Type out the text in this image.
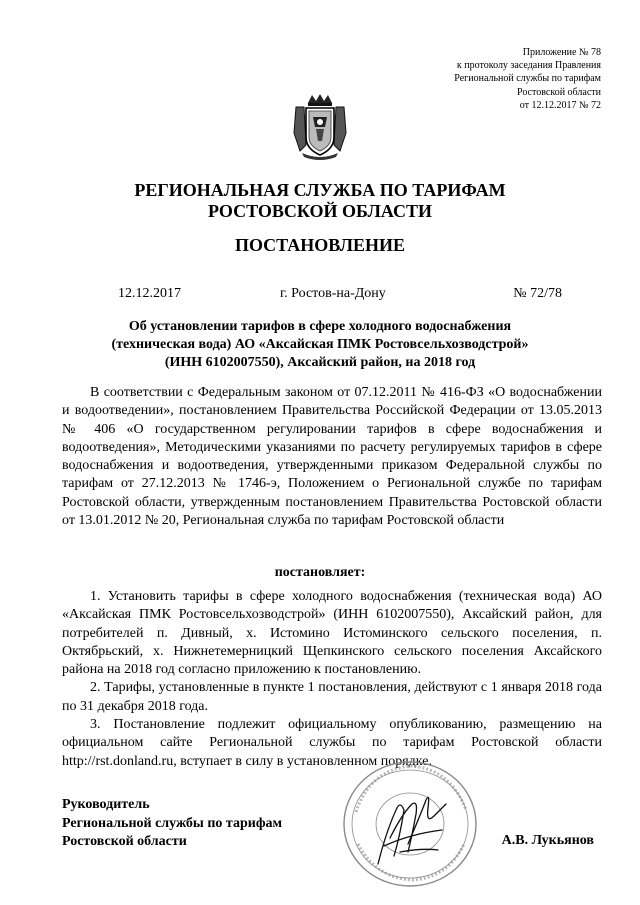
Приложение № 78
к протоколу заседания Правления
Региональной службы по тарифам
Ростовской области
от 12.12.2017 № 72
РЕГИОНАЛЬНАЯ СЛУЖБА ПО ТАРИФАМ
РОСТОВСКОЙ ОБЛАСТИ
ПОСТАНОВЛЕНИЕ
12.12.2017	г. Ростов-на-Дону	№ 72/78
Об установлении тарифов в сфере холодного водоснабжения
(техническая вода) АО «Аксайская ПМК Ростовсельхозводстрой»
(ИНН 6102007550), Аксайский район, на 2018 год
В соответствии с Федеральным законом от 07.12.2011 № 416-ФЗ «О водоснабжении и водоотведении», постановлением Правительства Российской Федерации от 13.05.2013 № 406 «О государственном регулировании тарифов в сфере водоснабжения и водоотведения», Методическими указаниями по расчету регулируемых тарифов в сфере водоснабжения и водоотведения, утвержденными приказом Федеральной службы по тарифам от 27.12.2013 № 1746-э, Положением о Региональной службе по тарифам Ростовской области, утвержденным постановлением Правительства Ростовской области от 13.01.2012 № 20, Региональная служба по тарифам Ростовской области
постановляет:

1. Установить тарифы в сфере холодного водоснабжения (техническая вода) АО «Аксайская ПМК Ростовсельхозводстрой» (ИНН 6102007550), Аксайский район, для потребителей п. Дивный, х. Истомино Истоминского сельского поселения, п. Октябрьский, х. Нижнетемерницкий Щепкинского сельского поселения Аксайского района на 2018 год согласно приложению к постановлению.

2. Тарифы, установленные в пункте 1 постановления, действуют с 1 января 2018 года по 31 декабря 2018 года.

3. Постановление подлежит официальному опубликованию, размещению на официальном сайте Региональной службы по тарифам Ростовской области http://rst.donland.ru, вступает в силу в установленном порядке.

Руководитель
Региональной службы по тарифам
Ростовской области	А.В. Лукьянов
